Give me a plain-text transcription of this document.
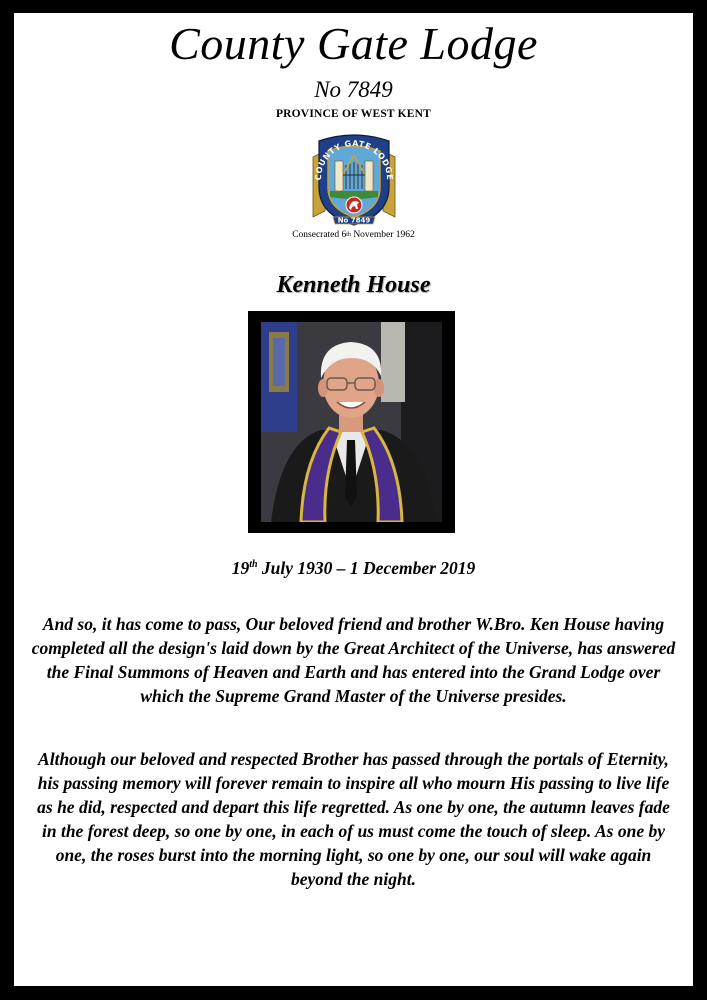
County Gate Lodge
No 7849
PROVINCE OF WEST KENT
COUNTY GATE LODGE
No 7849
Consecrated 6th November 1962
Kenneth House
19th July 1930 – 1 December 2019

And so, it has come to pass, Our beloved friend and brother W.Bro. Ken House having completed all the design's laid down by the Great Architect of the Universe, has answered the Final Summons of Heaven and Earth and has entered into the Grand Lodge over which the Supreme Grand Master of the Universe presides.

Although our beloved and respected Brother has passed through the portals of Eternity, his passing memory will forever remain to inspire all who mourn His passing to live life as he did, respected and depart this life regretted. As one by one, the autumn leaves fade in the forest deep, so one by one, in each of us must come the touch of sleep. As one by one, the roses burst into the morning light, so one by one, our soul will wake again beyond the night.
